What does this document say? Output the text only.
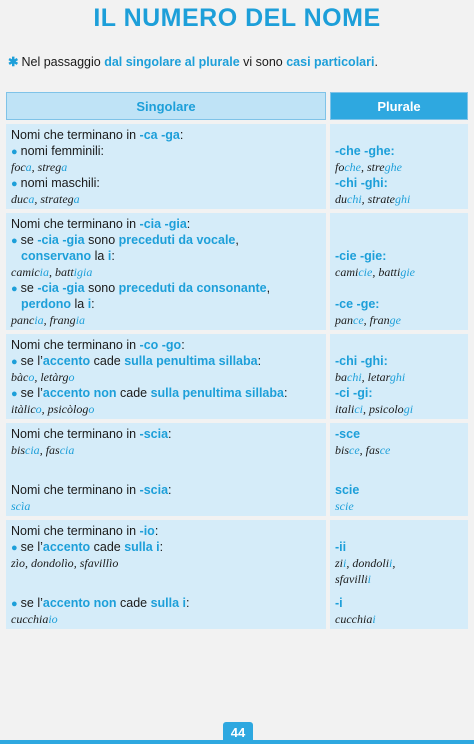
IL NUMERO DEL NOME
✱ Nel passaggio dal singolare al plurale vi sono casi particolari.
Singolare	Plurale
Nomi che terminano in -ca -ga:
● nomi femminili:
foca, strega
● nomi maschili:
duca, stratega
-che -ghe:
foche, streghe
-chi -ghi:
duchi, strateghi
Nomi che terminano in -cia -gia:
● se -cia -gia sono preceduti da vocale,
conservano la i:
camicia, battigia
● se -cia -gia sono preceduti da consonante,
perdono la i:
pancia, frangia
-cie -gie:
camicie, battigie
-ce -ge:
pance, frange
Nomi che terminano in -co -go:
● se l’accento cade sulla penultima sillaba:
bàco, letàrgo
● se l’accento non cade sulla penultima sillaba:
itàlico, psicòlogo
-chi -ghi:
bachi, letarghi
-ci -gi:
italici, psicologi
Nomi che terminano in -scia:
biscia, fascia
Nomi che terminano in -scia:
scìa
-sce
bisce, fasce
scie
scie
Nomi che terminano in -io:
● se l’accento cade sulla i:
zìo, dondolìo, sfavillìo
● se l’accento non cade sulla i:
cucchiaio
-ii
zii, dondolii,
sfavillii
-i
cucchiai
44
